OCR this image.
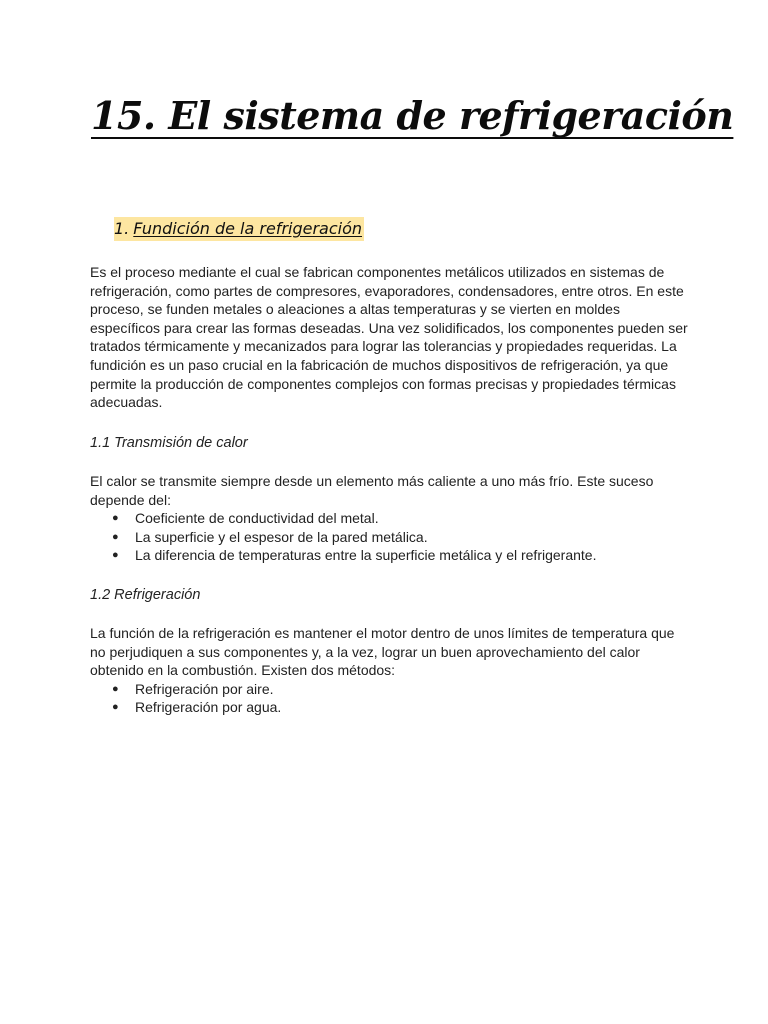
15. El sistema de refrigeración
1. Fundición de la refrigeración

Es el proceso mediante el cual se fabrican componentes metálicos utilizados en sistemas de refrigeración, como partes de compresores, evaporadores, condensadores, entre otros. En este proceso, se funden metales o aleaciones a altas temperaturas y se vierten en moldes específicos para crear las formas deseadas. Una vez solidificados, los componentes pueden ser tratados térmicamente y mecanizados para lograr las tolerancias y propiedades requeridas. La fundición es un paso crucial en la fabricación de muchos dispositivos de refrigeración, ya que permite la producción de componentes complejos con formas precisas y propiedades térmicas adecuadas.

1.1 Transmisión de calor

El calor se transmite siempre desde un elemento más caliente a uno más frío. Este suceso depende del:

● Coeficiente de conductividad del metal.
● La superficie y el espesor de la pared metálica.
● La diferencia de temperaturas entre la superficie metálica y el refrigerante.
1.2 Refrigeración

La función de la refrigeración es mantener el motor dentro de unos límites de temperatura que no perjudiquen a sus componentes y, a la vez, lograr un buen aprovechamiento del calor obtenido en la combustión. Existen dos métodos:

● Refrigeración por aire.
● Refrigeración por agua.
